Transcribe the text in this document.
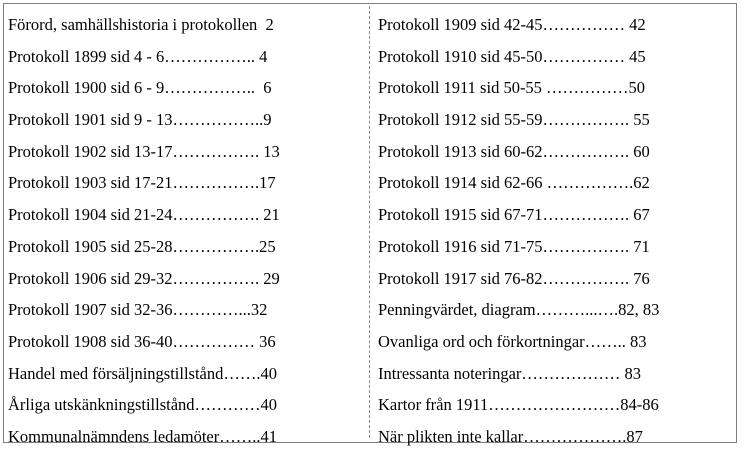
Förord, samhällshistoria i protokollen  2
Protokoll 1899 sid 4 - 6…………….. 4
Protokoll 1900 sid 6 - 9……………..  6
Protokoll 1901 sid 9 - 13……………..9
Protokoll 1902 sid 13-17……………. 13
Protokoll 1903 sid 17-21…………….17
Protokoll 1904 sid 21-24……………. 21
Protokoll 1905 sid 25-28…………….25
Protokoll 1906 sid 29-32……………. 29
Protokoll 1907 sid 32-36…………...32
Protokoll 1908 sid 36-40…………… 36
Handel med försäljningstillstånd…….40
Årliga utskänkningstillstånd…………40
Kommunalnämndens ledamöter……..41
Protokoll 1909 sid 42-45…………… 42
Protokoll 1910 sid 45-50…………… 45
Protokoll 1911 sid 50-55 ……………50
Protokoll 1912 sid 55-59……………. 55
Protokoll 1913 sid 60-62……………. 60
Protokoll 1914 sid 62-66 …………….62
Protokoll 1915 sid 67-71……………. 67
Protokoll 1916 sid 71-75……………. 71
Protokoll 1917 sid 76-82……………. 76
Penningvärdet, diagram………...….82, 83
Ovanliga ord och förkortningar…….. 83
Intressanta noteringar……………… 83
Kartor från 1911……………………84-86
När plikten inte kallar……………….87
